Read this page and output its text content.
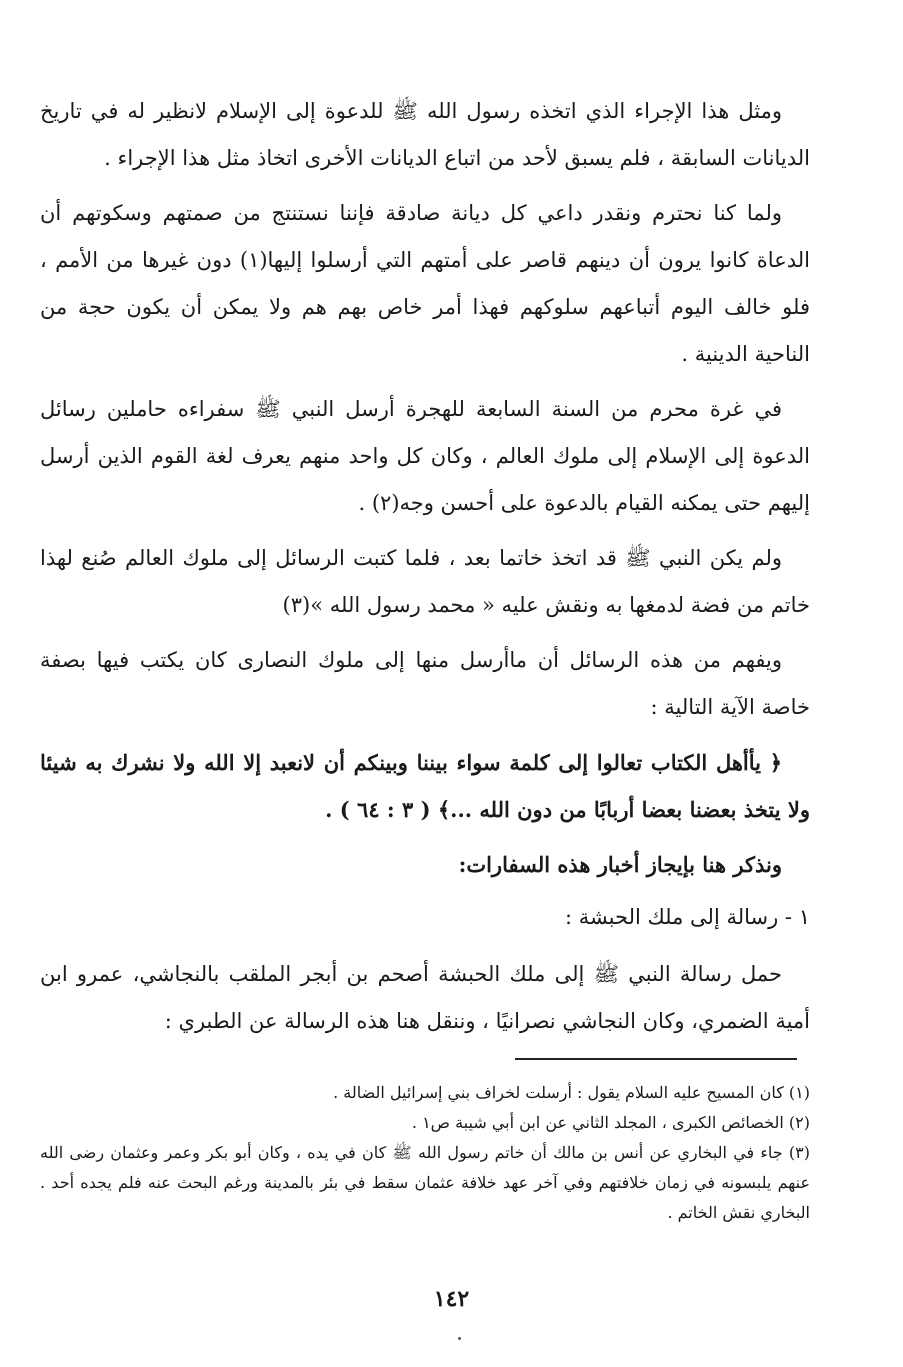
ومثل هذا الإجراء الذي اتخذه رسول الله ﷺ للدعوة إلى الإسلام لانظير له في تاريخ الديانات السابقة ، فلم يسبق لأحد من اتباع الديانات الأخرى اتخاذ مثل هذا الإجراء .

ولما كنا نحترم ونقدر داعي كل ديانة صادقة فإننا نستنتج من صمتهم وسكوتهم أن الدعاة كانوا يرون أن دينهم قاصر على أمتهم التي أرسلوا إليها(١) دون غيرها من الأمم ، فلو خالف اليوم أتباعهم سلوكهم فهذا أمر خاص بهم هم ولا يمكن أن يكون حجة من الناحية الدينية .

في غرة محرم من السنة السابعة للهجرة أرسل النبي ﷺ سفراءه حاملين رسائل الدعوة إلى الإسلام إلى ملوك العالم ، وكان كل واحد منهم يعرف لغة القوم الذين أرسل إليهم حتى يمكنه القيام بالدعوة على أحسن وجه(٢) .

ولم يكن النبي ﷺ قد اتخذ خاتما بعد ، فلما كتبت الرسائل إلى ملوك العالم صُنع لهذا خاتم من فضة لدمغها به ونقش عليه « محمد رسول الله »(٣)

ويفهم من هذه الرسائل أن ماأرسل منها إلى ملوك النصارى كان يكتب فيها بصفة خاصة الآية التالية :

﴿ يأأهل الكتاب تعالوا إلى كلمة سواء بيننا وبينكم أن لانعبد إلا الله ولا نشرك به شيئا ولا يتخذ بعضنا بعضا أربابًا من دون الله ...﴾ ( ٣ : ٦٤ ) .

ونذكر هنا بإيجاز أخبار هذه السفارات:

١ - رسالة إلى ملك الحبشة :

حمل رسالة النبي ﷺ إلى ملك الحبشة أصحم بن أبجر الملقب بالنجاشي، عمرو ابن أمية الضمري، وكان النجاشي نصرانيًا ، وننقل هنا هذه الرسالة عن الطبري :

(١) كان المسيح عليه السلام يقول : أرسلت لخراف بني إسرائيل الضالة .

(٢) الخصائص الكبرى ، المجلد الثاني عن ابن أبي شيبة ص١ .

(٣) جاء في البخاري عن أنس بن مالك أن خاتم رسول الله ﷺ كان في يده ، وكان أبو بكر وعمر وعثمان رضى الله عنهم يلبسونه في زمان خلافتهم وفي آخر عهد خلافة عثمان سقط في بئر بالمدينة ورغم البحث عنه فلم يجده أحد . البخاري نقش الخاتم .

١٤٢
